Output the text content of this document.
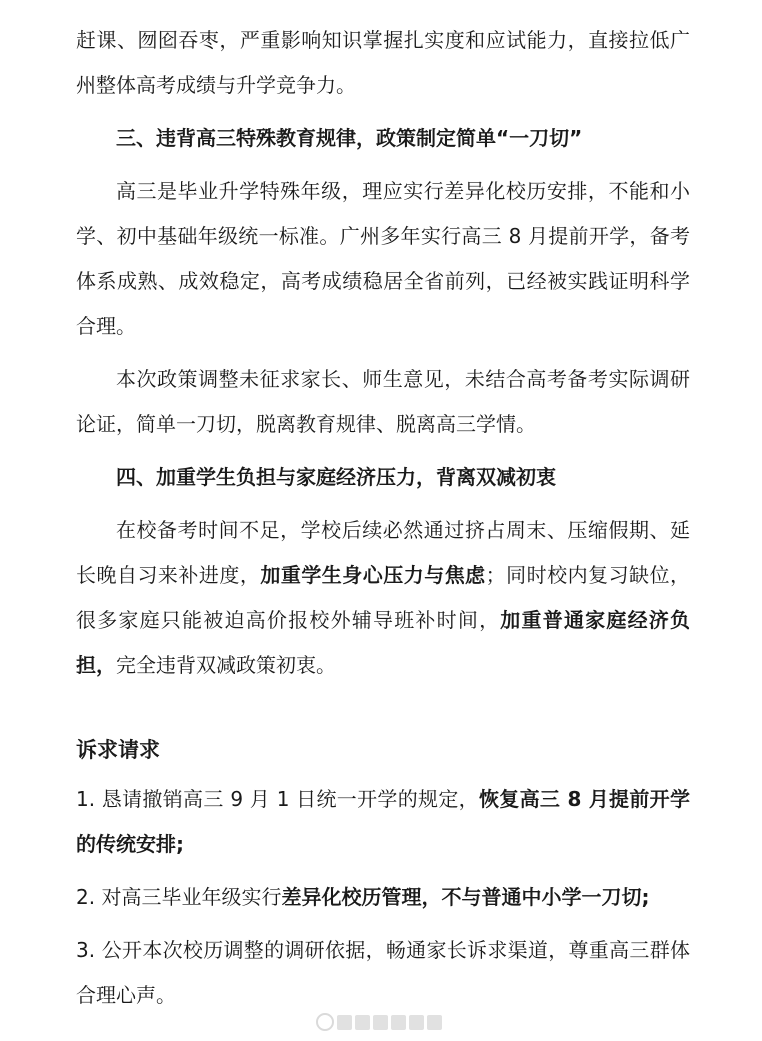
赶课、囫囵吞枣，严重影响知识掌握扎实度和应试能力，直接拉低广州整体高考成绩与升学竞争力。

三、违背高三特殊教育规律，政策制定简单“一刀切”

高三是毕业升学特殊年级，理应实行差异化校历安排，不能和小学、初中基础年级统一标准。广州多年实行高三 8 月提前开学，备考体系成熟、成效稳定，高考成绩稳居全省前列，已经被实践证明科学合理。

本次政策调整未征求家长、师生意见，未结合高考备考实际调研论证，简单一刀切，脱离教育规律、脱离高三学情。

四、加重学生负担与家庭经济压力，背离双减初衷

在校备考时间不足，学校后续必然通过挤占周末、压缩假期、延长晚自习来补进度，加重学生身心压力与焦虑；同时校内复习缺位，很多家庭只能被迫高价报校外辅导班补时间，加重普通家庭经济负担，完全违背双减政策初衷。

诉求请求

1. 恳请撤销高三 9 月 1 日统一开学的规定，恢复高三 8 月提前开学的传统安排;

2. 对高三毕业年级实行差异化校历管理，不与普通中小学一刀切;

3. 公开本次校历调整的调研依据，畅通家长诉求渠道，尊重高三群体合理心声。
